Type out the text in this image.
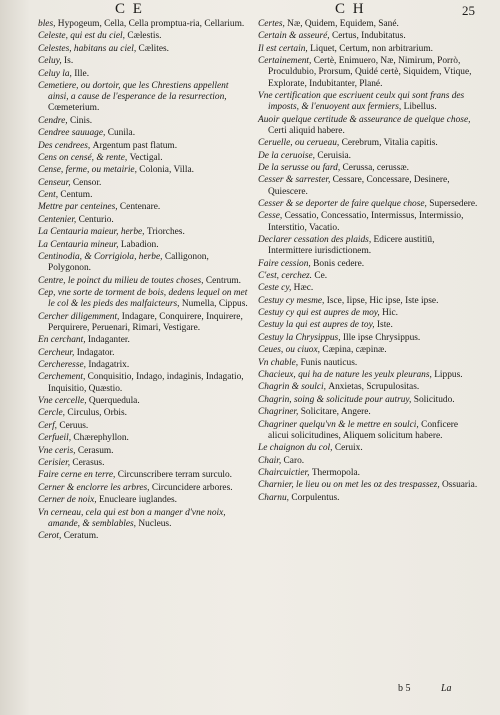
C E	C H	25
bles, Hypogeum, Cella, Cella promptua-ria, Cellarium.
Celeste, qui est du ciel, Cælestis.
Celestes, habitans au ciel, Cælites.
Celuy, Is.
Celuy la, Ille.
Cemetiere, ou dortoir, que les Chrestiens appellent ainsi, a cause de l'esperance de la resurrection, Cœmeterium.
Cendre, Cinis.
Cendree sauuage, Cunila.
Des cendrees, Argentum past flatum.
Cens on censé, & rente, Vectigal.
Cense, ferme, ou metairie, Colonia, Villa.
Censeur, Censor.
Cent, Centum.
Mettre par centeines, Centenare.
Centenier, Centurio.
La Centauria maieur, herbe, Triorches.
La Centauria mineur, Labadion.
Centinodia, & Corrigiola, herbe, Calligonon, Polygonon.
Centre, le poinct du milieu de toutes choses, Centrum.
Cep, vne sorte de torment de bois, dedens lequel on met le col & les pieds des malfaicteurs, Numella, Cippus.
Cercher diligemment, Indagare, Conquirere, Inquirere, Perquirere, Peruenari, Rimari, Vestigare.
En cerchant, Indaganter.
Cercheur, Indagator.
Cercheresse, Indagatrix.
Cerchement, Conquisitio, Indago, indaginis, Indagatio, Inquisitio, Quæstio.
Vne cercelle, Querquedula.
Cercle, Circulus, Orbis.
Cerf, Ceruus.
Cerfueil, Chærephyllon.
Vne ceris, Cerasum.
Cerisier, Cerasus.
Faire cerne en terre, Circunscribere terram surculo.
Cerner & enclorre les arbres, Circuncidere arbores.
Cerner de noix, Enucleare iuglandes.
Vn cerneau, cela qui est bon a manger d'vne noix, amande, & semblables, Nucleus.
Cerot, Ceratum.
Certes, Næ, Quidem, Equidem, Sané.
Certain & asseuré, Certus, Indubitatus.
Il est certain, Liquet, Certum, non arbitrarium.
Certainement, Certè, Enimuero, Næ, Nimirum, Porrò, Proculdubio, Prorsum, Quidé certè, Siquidem, Vtique, Explorate, Indubitanter, Plané.
Vne certification que escriuent ceulx qui sont frans des imposts, & l'enuoyent aux fermiers, Libellus.
Auoir quelque certitude & asseurance de quelque chose, Certi aliquid habere.
Ceruelle, ou cerueau, Cerebrum, Vitalia capitis.
De la ceruoise, Ceruisia.
De la serusse ou fard, Cerussa, cerussæ.
Cesser & sarrester, Cessare, Concessare, Desinere, Quiescere.
Cesser & se deporter de faire quelque chose, Supersedere.
Cesse, Cessatio, Concessatio, Intermissus, Intermissio, Interstitio, Vacatio.
Declarer cessation des plaids, Edicere austitiū, Intermittere iurisdictionem.
Faire cession, Bonis cedere.
C'est, cerchez. Ce.
Ceste cy, Hæc.
Cestuy cy mesme, Isce, Iipse, Hic ipse, Iste ipse.
Cestuy cy qui est aupres de moy, Hic.
Cestuy la qui est aupres de toy, Iste.
Cestuy la Chrysippus, Ille ipse Chrysippus.
Ceues, ou ciuox, Cæpina, cæpinæ.
Vn chable, Funis nauticus.
Chacieux, qui ha de nature les yeulx pleurans, Lippus.
Chagrin & soulci, Anxietas, Scrupulositas.
Chagrin, soing & solicitude pour autruy, Solicitudo.
Chagriner, Solicitare, Angere.
Chagriner quelqu'vn & le mettre en soulci, Conficere alicui solicitudines, Aliquem solicitum habere.
Le chaignon du col, Ceruix.
Chair, Caro.
Chaircuictier, Thermopola.
Charnier, le lieu ou on met les oz des trespassez, Ossuaria.
Charnu, Corpulentus.
b 5	La
